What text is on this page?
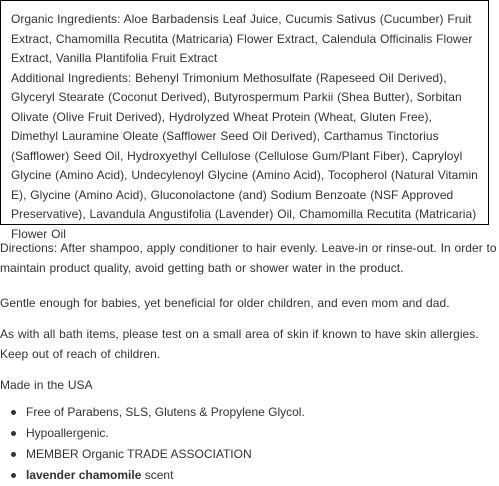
Organic Ingredients: Aloe Barbadensis Leaf Juice, Cucumis Sativus (Cucumber) Fruit Extract, Chamomilla Recutita (Matricaria) Flower Extract, Calendula Officinalis Flower Extract, Vanilla Plantifolia Fruit Extract

Additional Ingredients: Behenyl Trimonium Methosulfate (Rapeseed Oil Derived), Glyceryl Stearate (Coconut Derived), Butyrospermum Parkii (Shea Butter), Sorbitan Olivate (Olive Fruit Derived), Hydrolyzed Wheat Protein (Wheat, Gluten Free), Dimethyl Lauramine Oleate (Safflower Seed Oil Derived), Carthamus Tinctorius (Safflower) Seed Oil, Hydroxyethyl Cellulose (Cellulose Gum/Plant Fiber), Capryloyl Glycine (Amino Acid), Undecylenoyl Glycine (Amino Acid), Tocopherol (Natural Vitamin E), Glycine (Amino Acid), Gluconolactone (and) Sodium Benzoate (NSF Approved Preservative), Lavandula Angustifolia (Lavender) Oil, Chamomilla Recutita (Matricaria) Flower Oil

Directions: After shampoo, apply conditioner to hair evenly. Leave-in or rinse-out. In order to maintain product quality, avoid getting bath or shower water in the product.

Gentle enough for babies, yet beneficial for older children, and even mom and dad.

As with all bath items, please test on a small area of skin if known to have skin allergies. Keep out of reach of children.

Made in the USA

Free of Parabens, SLS, Glutens & Propylene Glycol.
Hypoallergenic.
MEMBER Organic TRADE ASSOCIATION
lavender chamomile scent
